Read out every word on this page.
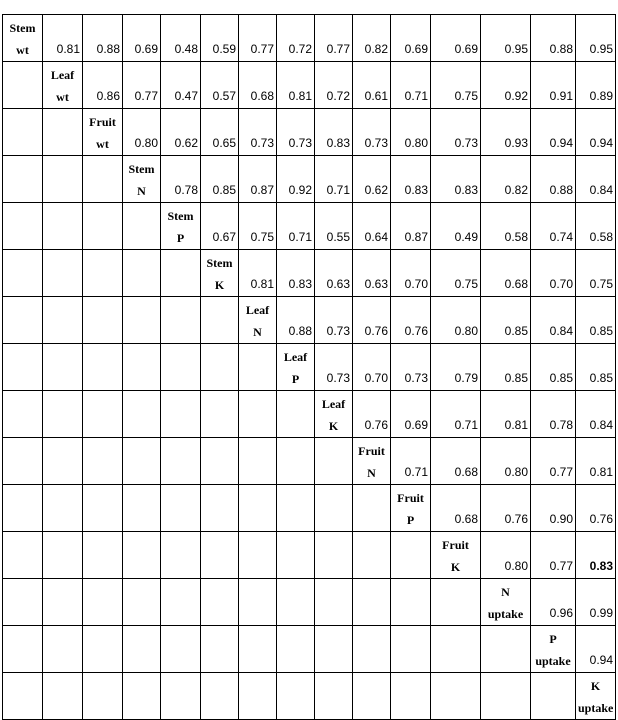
Stem
wt	0.81	0.88	0.69	0.48	0.59	0.77	0.72	0.77	0.82	0.69	0.69	0.95	0.88	0.95

	Leaf
wt	0.86	0.77	0.47	0.57	0.68	0.81	0.72	0.61	0.71	0.75	0.92	0.91	0.89

		Fruit
wt	0.80	0.62	0.65	0.73	0.73	0.83	0.73	0.80	0.73	0.93	0.94	0.94

			Stem
N	0.78	0.85	0.87	0.92	0.71	0.62	0.83	0.83	0.82	0.88	0.84

				Stem
P	0.67	0.75	0.71	0.55	0.64	0.87	0.49	0.58	0.74	0.58

					Stem
K	0.81	0.83	0.63	0.63	0.70	0.75	0.68	0.70	0.75

						Leaf
N	0.88	0.73	0.76	0.76	0.80	0.85	0.84	0.85

							Leaf
P	0.73	0.70	0.73	0.79	0.85	0.85	0.85

								Leaf
K	0.76	0.69	0.71	0.81	0.78	0.84

									Fruit
N	0.71	0.68	0.80	0.77	0.81

										Fruit
P	0.68	0.76	0.90	0.76

											Fruit
K	0.80	0.77	0.83

												N
uptake	0.96	0.99

													P
uptake	0.94

														K
uptake
